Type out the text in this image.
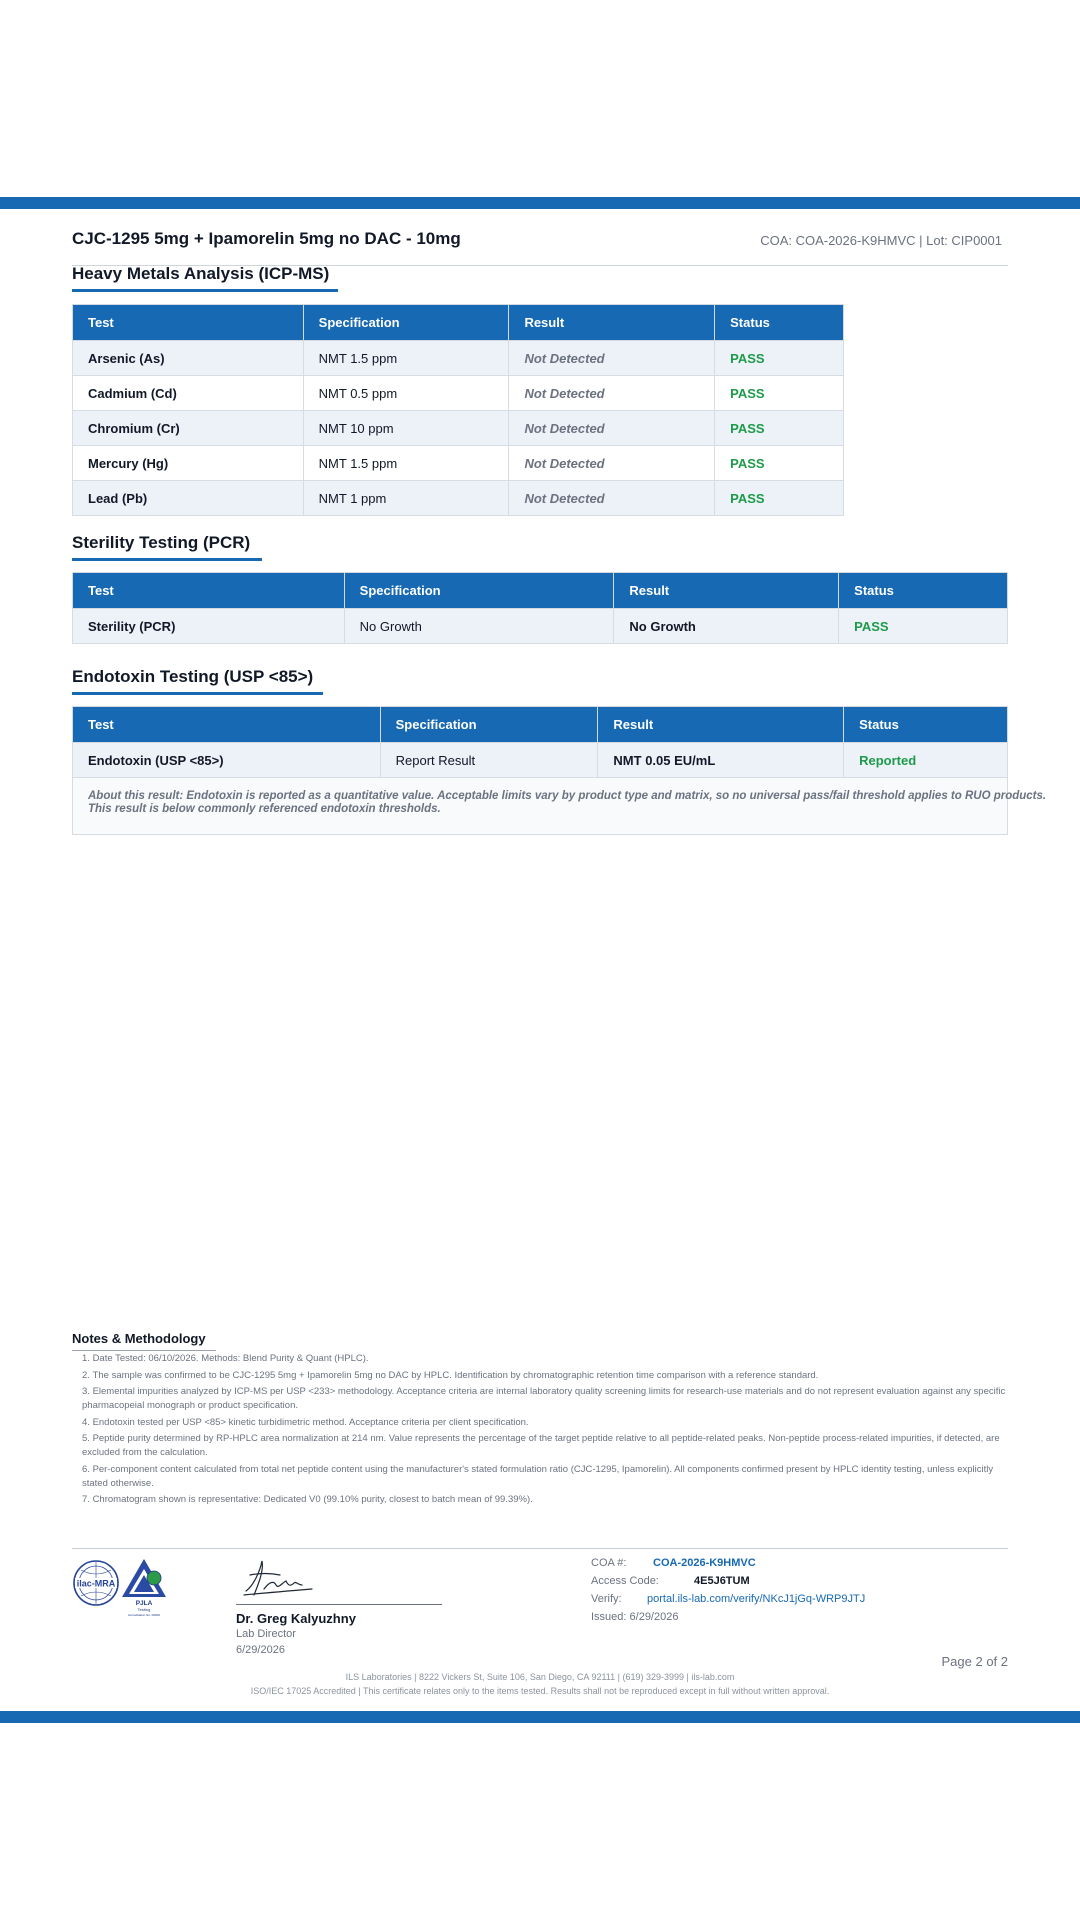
CJC-1295 5mg + Ipamorelin 5mg no DAC - 10mg	COA: COA-2026-K9HMVC | Lot: CIP0001
Heavy Metals Analysis (ICP-MS)
Test	Specification	Result	Status
Arsenic (As)	NMT 1.5 ppm	Not Detected	PASS
Cadmium (Cd)	NMT 0.5 ppm	Not Detected	PASS
Chromium (Cr)	NMT 10 ppm	Not Detected	PASS
Mercury (Hg)	NMT 1.5 ppm	Not Detected	PASS
Lead (Pb)	NMT 1 ppm	Not Detected	PASS
Sterility Testing (PCR)
Test	Specification	Result	Status
Sterility (PCR)	No Growth	No Growth	PASS
Endotoxin Testing (USP <85>)
Test	Specification	Result	Status
Endotoxin (USP <85>)	Report Result	NMT 0.05 EU/mL	Reported
About this result: Endotoxin is reported as a quantitative value. Acceptable limits vary by product type and matrix, so no universal pass/fail threshold applies to RUO products.
This result is below commonly referenced endotoxin thresholds.
Notes & Methodology
1. Date Tested: 06/10/2026. Methods: Blend Purity & Quant (HPLC).
2. The sample was confirmed to be CJC-1295 5mg + Ipamorelin 5mg no DAC by HPLC. Identification by chromatographic retention time comparison with a reference standard.
3. Elemental impurities analyzed by ICP-MS per USP <233> methodology. Acceptance criteria are internal laboratory quality screening limits for research-use materials and do not represent evaluation against any specific pharmacopeial monograph or product specification.
4. Endotoxin tested per USP <85> kinetic turbidimetric method. Acceptance criteria per client specification.
5. Peptide purity determined by RP-HPLC area normalization at 214 nm. Value represents the percentage of the target peptide relative to all peptide-related peaks. Non-peptide process-related impurities, if detected, are excluded from the calculation.
6. Per-component content calculated from total net peptide content using the manufacturer's stated formulation ratio (CJC-1295, Ipamorelin). All components confirmed present by HPLC identity testing, unless explicitly stated otherwise.
7. Chromatogram shown is representative: Dedicated V0 (99.10% purity, closest to batch mean of 99.39%).
ilac-MRA
PJLA
Testing
Accreditation No. 00000	Dr. Greg Kalyuzhny
Lab Director
6/29/2026
COA #: COA-2026-K9HMVC
Access Code:	4E5J6TUM
Verify: portal.ils-lab.com/verify/NKcJ1jGq-WRP9JTJ
Issued: 6/29/2026
Page 2 of 2
ILS Laboratories | 8222 Vickers St, Suite 106, San Diego, CA 92111 | (619) 329-3999 | ils-lab.com
ISO/IEC 17025 Accredited | This certificate relates only to the items tested. Results shall not be reproduced except in full without written approval.
